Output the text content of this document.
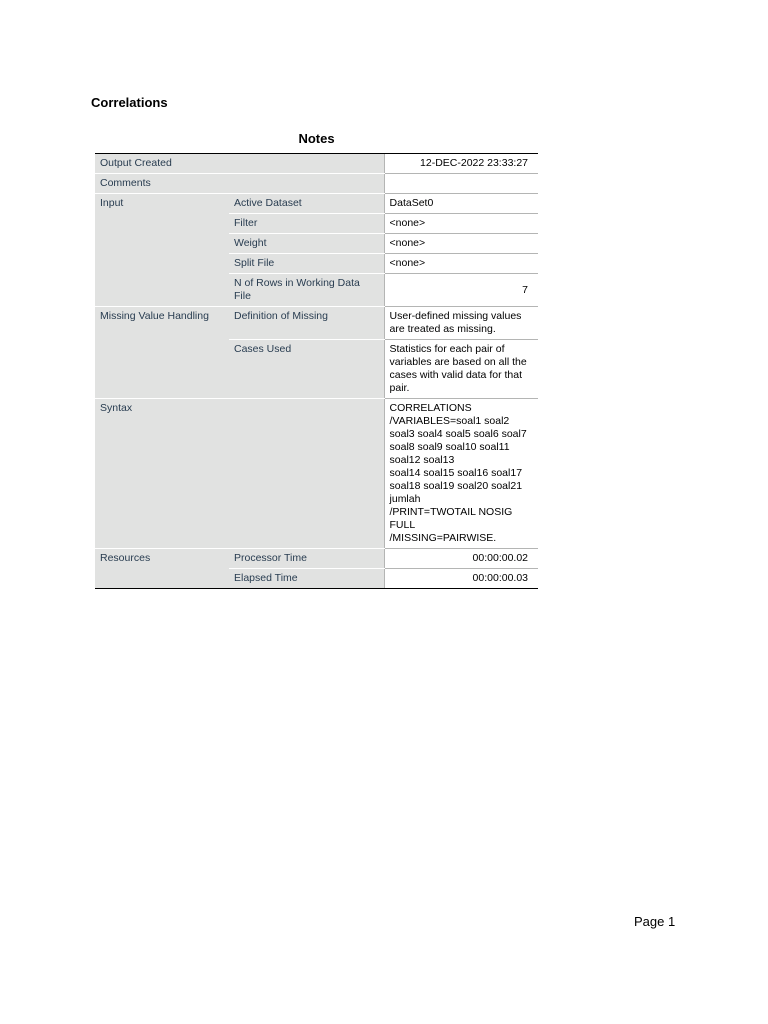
Correlations
Notes
Output Created		12-DEC-2022 23:33:27
Comments		
Input	Active Dataset	DataSet0
	Filter	<none>
	Weight	<none>
	Split File	<none>
	N of Rows in Working Data File	7
Missing Value Handling	Definition of Missing	User-defined missing values are treated as missing.
	Cases Used	Statistics for each pair of variables are based on all the cases with valid data for that pair.
Syntax		CORRELATIONS
/VARIABLES=soal1 soal2 soal3 soal4 soal5 soal6 soal7 soal8 soal9 soal10 soal11 soal12 soal13
soal14 soal15 soal16 soal17 soal18 soal19 soal20 soal21 jumlah
/PRINT=TWOTAIL NOSIG FULL
/MISSING=PAIRWISE.
Resources	Processor Time	00:00:00.02
	Elapsed Time	00:00:00.03

Page 1
